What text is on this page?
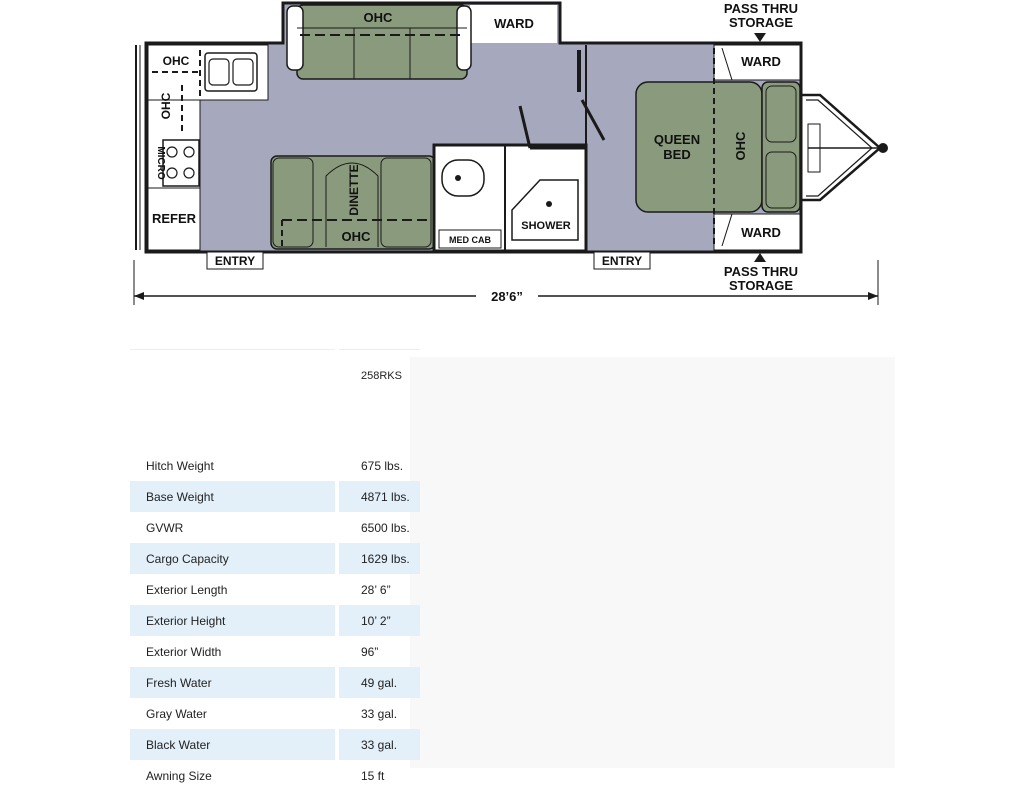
OHC	WARD
OHC
OHC
MICRO
REFER
DINETTE
OHC	MED CAB
SHOWER
QUEEN
BED	OHC
WARD
WARD
PASS THRU
STORAGE
PASS THRU
STORAGE
ENTRY	ENTRY
28’6”
		258RKS
Hitch Weight		675 lbs.
Base Weight		4871 lbs.
GVWR		6500 lbs.
Cargo Capacity		1629 lbs.
Exterior Length		28’ 6”
Exterior Height		10’ 2”
Exterior Width		96”
Fresh Water		49 gal.
Gray Water		33 gal.
Black Water		33 gal.
Awning Size		15 ft
